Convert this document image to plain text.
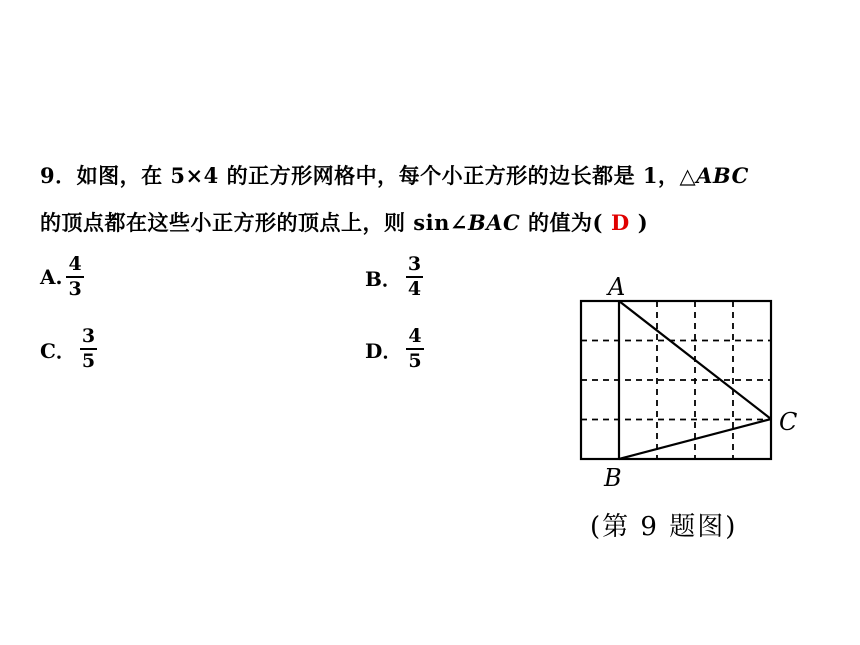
9．如图，在 5×4 的正方形网格中，每个小正方形的边长都是 1，△ABC
的顶点都在这些小正方形的顶点上，则 sin∠BAC 的值为( D )
A. $\frac{4}{3}$	B． $\frac{3}{4}$
C． $\frac{3}{5}$	D． $\frac{4}{5}$
A
B
C
(第 9 题图)
